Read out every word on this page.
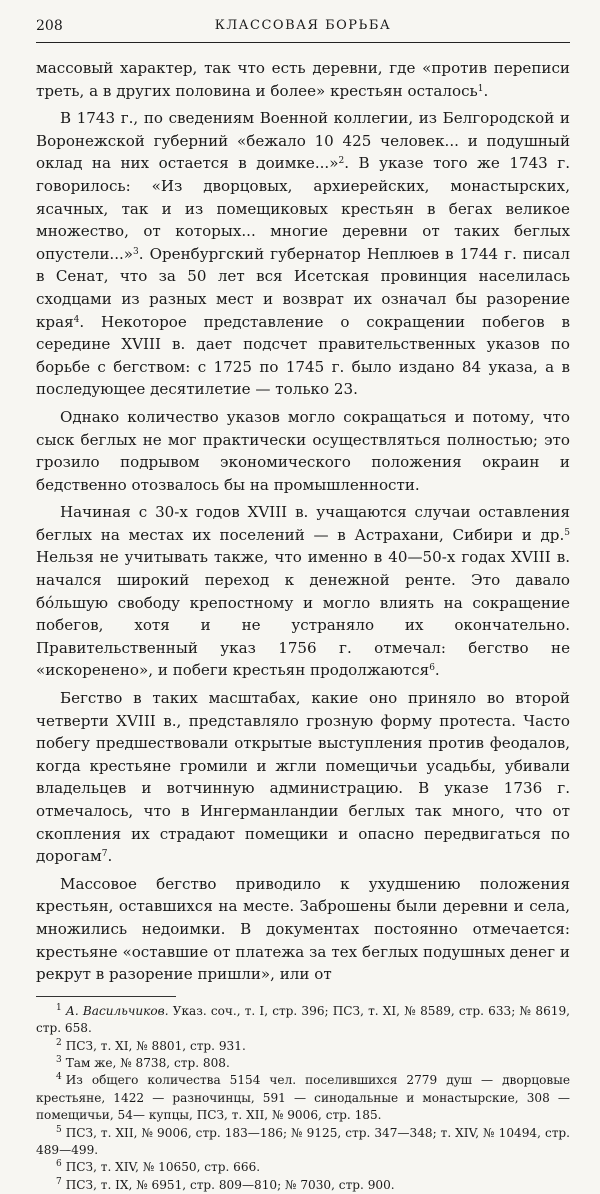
208	КЛАССОВАЯ БОРЬБА

массовый характер, так что есть деревни, где «против переписи треть, а в других половина и более» крестьян осталось$^1$.

В 1743 г., по сведениям Военной коллегии, из Белгородской и Воронежской губерний «бежало 10 425 человек... и подушный оклад на них остается в доимке...»$^2$. В указе того же 1743 г. говорилось: «Из дворцовых, архиерейских, монастырских, ясачных, так и из помещиковых крестьян в бегах великое множество, от которых... многие деревни от таких беглых опустели...»$^3$. Оренбургский губернатор Неплюев в 1744 г. писал в Сенат, что за 50 лет вся Исетская провинция населилась сходцами из разных мест и возврат их означал бы разорение края$^4$. Некоторое представление о сокращении побегов в середине XVIII в. дает подсчет правительственных указов по борьбе с бегством: с 1725 по 1745 г. было издано 84 указа, а в последующее десятилетие — только 23.

Однако количество указов могло сокращаться и потому, что сыск беглых не мог практически осуществляться полностью; это грозило подрывом экономического положения окраин и бедственно отозвалось бы на промышленности.

Начиная с 30-х годов XVIII в. учащаются случаи оставления беглых на местах их поселений — в Астрахани, Сибири и др.$^5$ Нельзя не учитывать также, что именно в 40—50-х годах XVIII в. начался широкий переход к денежной ренте. Это давало бо́льшую свободу крепостному и могло влиять на сокращение побегов, хотя и не устраняло их окончательно. Правительственный указ 1756 г. отмечал: бегство не «искоренено», и побеги крестьян продолжаются$^6$.

Бегство в таких масштабах, какие оно приняло во второй четверти XVIII в., представляло грозную форму протеста. Часто побегу предшествовали открытые выступления против феодалов, когда крестьяне громили и жгли помещичьи усадьбы, убивали владельцев и вотчинную администрацию. В указе 1736 г. отмечалось, что в Ингерманландии беглых так много, что от скопления их страдают помещики и опасно передвигаться по дорогам$^7$.

Массовое бегство приводило к ухудшению положения крестьян, оставшихся на месте. Заброшены были деревни и села, множились недоимки. В документах постоянно отмечается: крестьяне «оставшие от платежа за тех беглых подушных денег и рекрут в разорение пришли», или от

$^1$ А. Васильчиков. Указ. соч., т. I, стр. 396; ПСЗ, т. XI, № 8589, стр. 633; № 8619, стр. 658.

$^2$ ПСЗ, т. XI, № 8801, стр. 931.

$^3$ Там же, № 8738, стр. 808.

$^4$ Из общего количества 5154 чел. поселившихся 2779 душ — дворцовые крестьяне, 1422 — разночинцы, 591 — синодальные и монастырские, 308 — помещичьи, 54— купцы, ПСЗ, т. XII, № 9006, стр. 185.

$^5$ ПСЗ, т. XII, № 9006, стр. 183—186; № 9125, стр. 347—348; т. XIV, № 10494, стр. 489—499.

$^6$ ПСЗ, т. XIV, № 10650, стр. 666.

$^7$ ПСЗ, т. IX, № 6951, стр. 809—810; № 7030, стр. 900.
